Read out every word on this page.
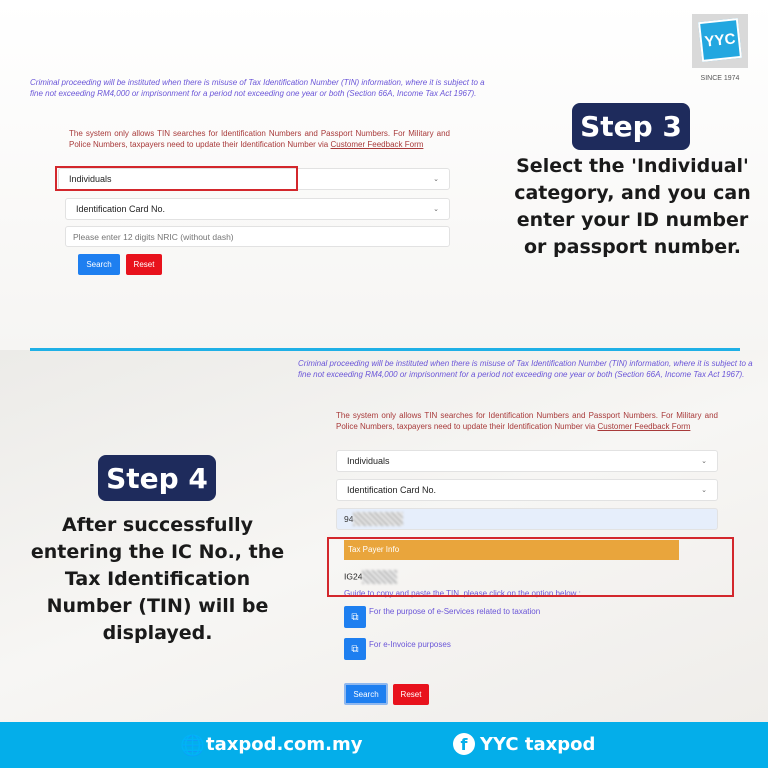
YYC
SINCE 1974
Criminal proceeding will be instituted when there is misuse of Tax Identification Number (TIN) information, where it is subject to a fine not exceeding RM4,000 or imprisonment for a period not exceeding one year or both (Section 66A, Income Tax Act 1967).
The system only allows TIN searches for Identification Numbers and Passport Numbers. For Military and Police Numbers, taxpayers need to update their Identification Number via Customer Feedback Form
Individuals	⌄
Identification Card No.	⌄
Please enter 12 digits NRIC (without dash)
Search	Reset
Step 3
Select the 'Individual'
category, and you can
enter your ID number
or passport number.
Criminal proceeding will be instituted when there is misuse of Tax Identification Number (TIN) information, where it is subject to a fine not exceeding RM4,000 or imprisonment for a period not exceeding one year or both (Section 66A, Income Tax Act 1967).
The system only allows TIN searches for Identification Numbers and Passport Numbers. For Military and Police Numbers, taxpayers need to update their Identification Number via Customer Feedback Form
Individuals	⌄
Identification Card No.	⌄
94
Tax Payer Info
IG24
Guide to copy and paste the TIN, please click on the option below :
⧉	For the purpose of e-Services related to taxation
⧉	For e-Invoice purposes
Search	Reset
Step 4
After successfully
entering the IC No., the
Tax Identification
Number (TIN) will be
displayed.
🌐 taxpod.com.my	f YYC taxpod
